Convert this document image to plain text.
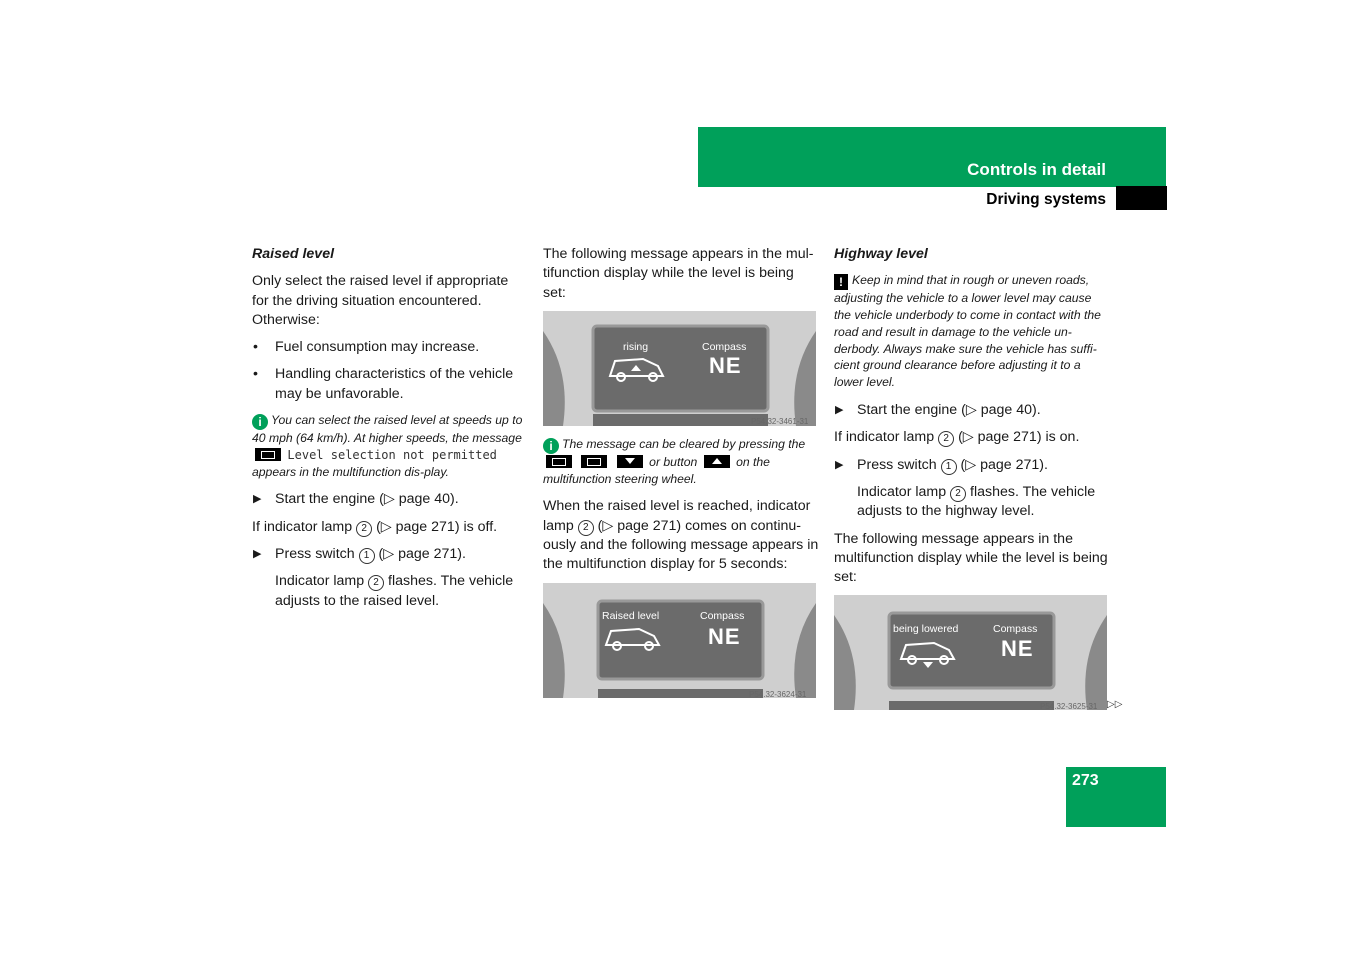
Controls in detail
Driving systems

Raised level

Only select the raised level if appropriate for the driving situation encountered. Otherwise:

• Fuel consumption may increase.

• Handling characteristics of the vehicle may be unfavorable.

i You can select the raised level at speeds up to 40 mph (64 km/h). At higher speeds, the message  Level selection not permitted appears in the multifunction dis-play.

▶ Start the engine (▷ page 40).

If indicator lamp 2 (▷ page 271) is off.

▶ Press switch 1 (▷ page 271).

Indicator lamp 2 flashes. The vehicle adjusts to the raised level.

The following message appears in the mul-tifunction display while the level is being set:

rising	Compass
NE
P54.32-3461-31

i The message can be cleared by pressing the    or button	on the multifunction steering wheel.

When the raised level is reached, indicator lamp 2 (▷ page 271) comes on continu-ously and the following message appears in the multifunction display for 5 seconds:

Raised level	Compass
NE
P54.32-3624-31

Highway level

! Keep in mind that in rough or uneven roads, adjusting the vehicle to a lower level may cause the vehicle underbody to come in contact with the road and result in damage to the vehicle un-derbody. Always make sure the vehicle has suffi-cient ground clearance before adjusting it to a lower level.

▶ Start the engine (▷ page 40).

If indicator lamp 2 (▷ page 271) is on.

▶ Press switch 1 (▷ page 271).

Indicator lamp 2 flashes. The vehicle adjusts to the highway level.

The following message appears in the multifunction display while the level is being set:

being lowered	Compass
NE
P54.32-3625-31 ▷▷
273
